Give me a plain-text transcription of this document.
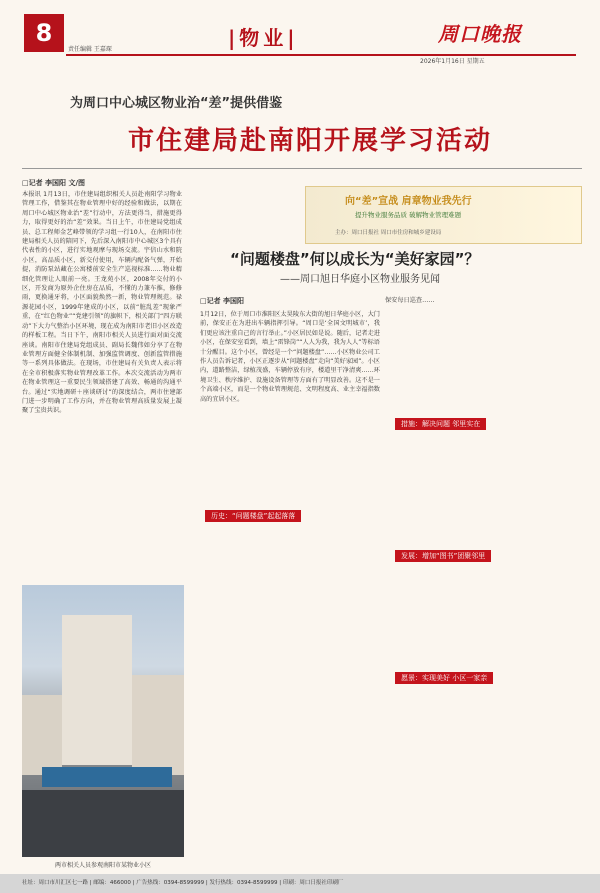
8
责任编辑 王嘉琛	|物业|	周口晚报
2026年1月16日 星期五
为周口中心城区物业治“差”提供借鉴
市住建局赴南阳开展学习活动
□记者 李国阳 文/图
本报讯 1月13日，市住建局组织相关人员赴南阳学习物业管理工作，借鉴其在物业管理中好的经验和做法，以期在周口中心城区物业治“差”行动中，方法更得当，措施更得力，取得更好的治“差”效果。当日上午，市住建局党组成员、总工程师金艺峰带领的学习组一行10人，在南阳市住建局相关人员的陪同下，先后深入南阳市中心城区3个具有代表性的小区，进行实地观摩与现场交流。宇信山水和院小区，高品质小区，新交付使用，车辆内配备气弹，开始提，消防泵站藏在公寓楼前安全生产巡视标准……物业精细化管理让人眼前一亮。王龙苑小区，2008年交付的小区，开发商为原外企住房在品质，不懂的力兼车推，修修雨，更换通牙将，小区面貌焕然一新，物业管理规范。禄源花园小区，1999年建成的小区，以前“脏乱差”现象严重，在“红色物业”“党建引领”的旗帜下，相关部门“四方联动”下大力气整治小区环境，现在成为南阳市老旧小区改造的样板工程。当日下午，南阳市相关人员进行面对面交流座谈。南阳市住建局党组成员、副局长魏伟如分享了在物业管理方面健全体制机制、加强监管调度、创新监管措施等一系列具体做法。在现场，市住建局有关负责人表示将在全市积极落实物业管理改革工作。本次交流活动为两市在物业管理这一重要民生领域搭建了高效、畅通的沟通平台。通过“实地调研＋座谈研讨”的深度结合，两市住建部门进一步明确了工作方向，并在物业管理高质量发展上凝聚了宝贵共识。
两市相关人员参观南阳市某物业小区
向“差”宣战 肩章物业我先行
提升物业服务品质 破解物业管理难题
主办：周口日报社 周口市住房和城乡建设局
“问题楼盘”何以成长为“美好家园”？
——周口旭日华庭小区物业服务见闻
□记者 李国阳
1月12日，位于周口市淮阳区太昊陵东大街的旭日华庭小区，大门前，保安正在为进出车辆指挥引导。“周口是‘全国文明城市’，我们更应该注重自己的言行举止。”小区居民如是说。随后，记者走进小区，在保安室看到，墙上“雷锋岗”“人人为我，我为人人”等标语十分醒目。这个小区，曾经是一个“问题楼盘”……小区物业公司工作人员告诉记者，小区正逐步从“问题楼盘”走向“美好家园”。小区内，道路整洁，绿植茂盛，车辆停放有序，楼道里干净清爽……环境卫生、秩序维护、设施设备管理等方面有了明显改善。这不是一个高端小区，而是一个物业管理规范、文明程度高、业主幸福指数高的宜居小区。
保安每日巡查……
历史：“问题楼盘”起起落落
措施：解决问题 邻里实在
发展：增加“图书”团聚邻里
愿景：实现美好 小区一家亲
社址：周口市川汇区七一路 | 邮编：466000 | 广告热线：0394-8599999 | 发行热线：0394-8599999 | 印刷：周口日报社印刷厂
